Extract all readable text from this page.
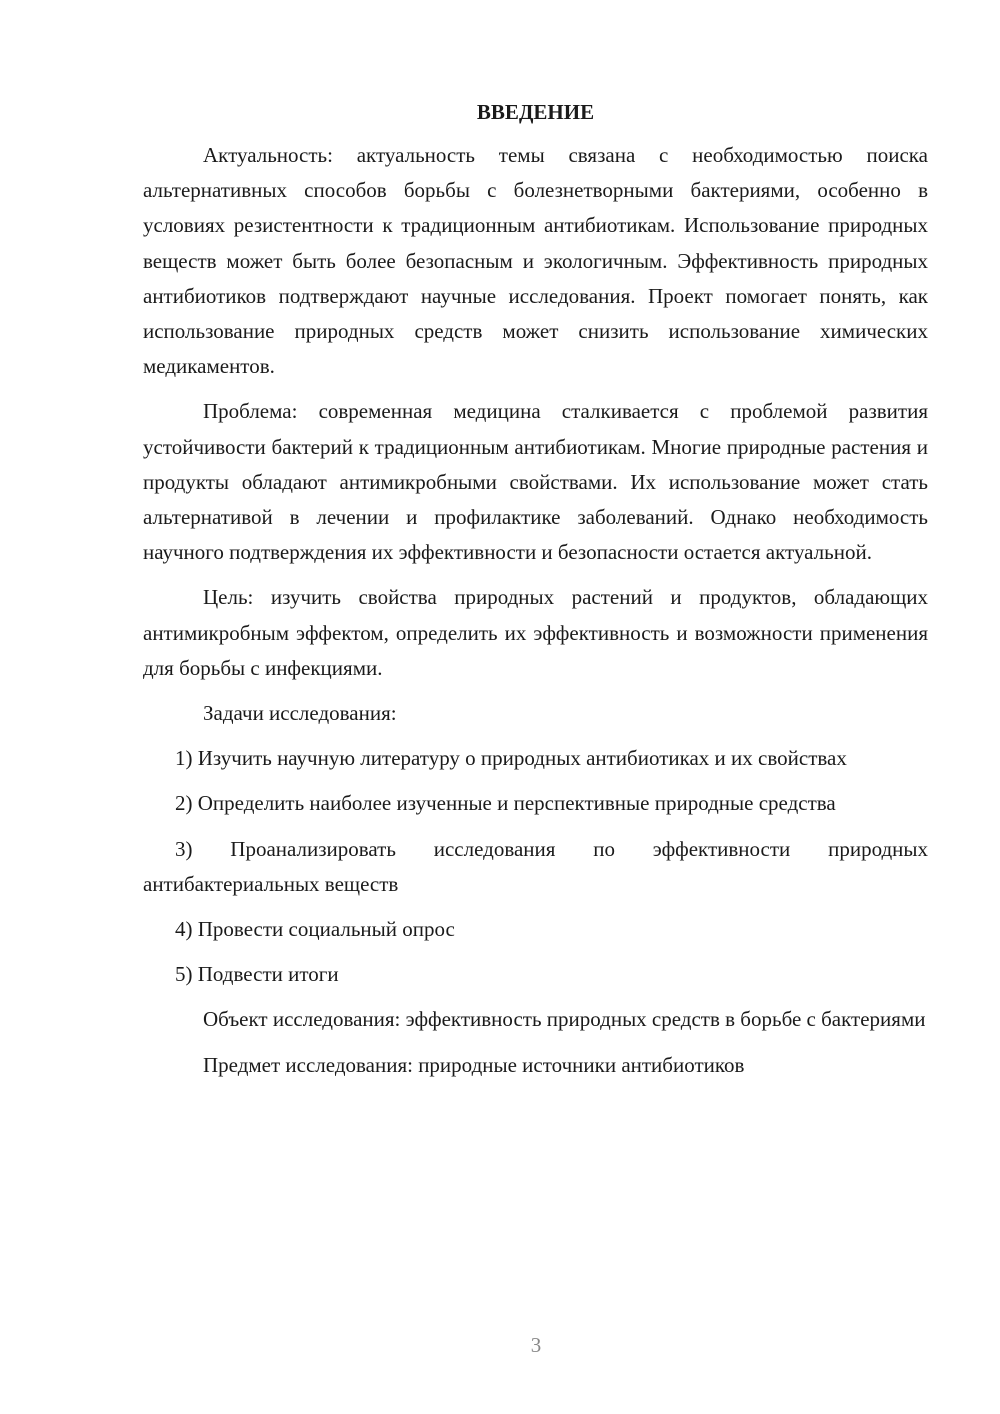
ВВЕДЕНИЕ

Актуальность: актуальность темы связана с необходимостью поиска альтернативных способов борьбы с болезнетворными бактериями, особенно в условиях резистентности к традиционным антибиотикам. Использование природных веществ может быть более безопасным и экологичным. Эффективность природных антибиотиков подтверждают научные исследования. Проект помогает понять, как использование природных средств может снизить использование химических медикаментов.

Проблема: современная медицина сталкивается с проблемой развития устойчивости бактерий к традиционным антибиотикам. Многие природные растения и продукты обладают антимикробными свойствами. Их использование может стать альтернативой в лечении и профилактике заболеваний. Однако необходимость научного подтверждения их эффективности и безопасности остается актуальной.

Цель: изучить свойства природных растений и продуктов, обладающих антимикробным эффектом, определить их эффективность и возможности применения для борьбы с инфекциями.

Задачи исследования:

1) Изучить научную литературу о природных антибиотиках и их свойствах

2) Определить наиболее изученные и перспективные природные средства

3) Проанализировать исследования по эффективности природных антибактериальных веществ

4) Провести социальный опрос

5) Подвести итоги

Объект исследования: эффективность природных средств в борьбе с бактериями

Предмет исследования: природные источники антибиотиков

3
